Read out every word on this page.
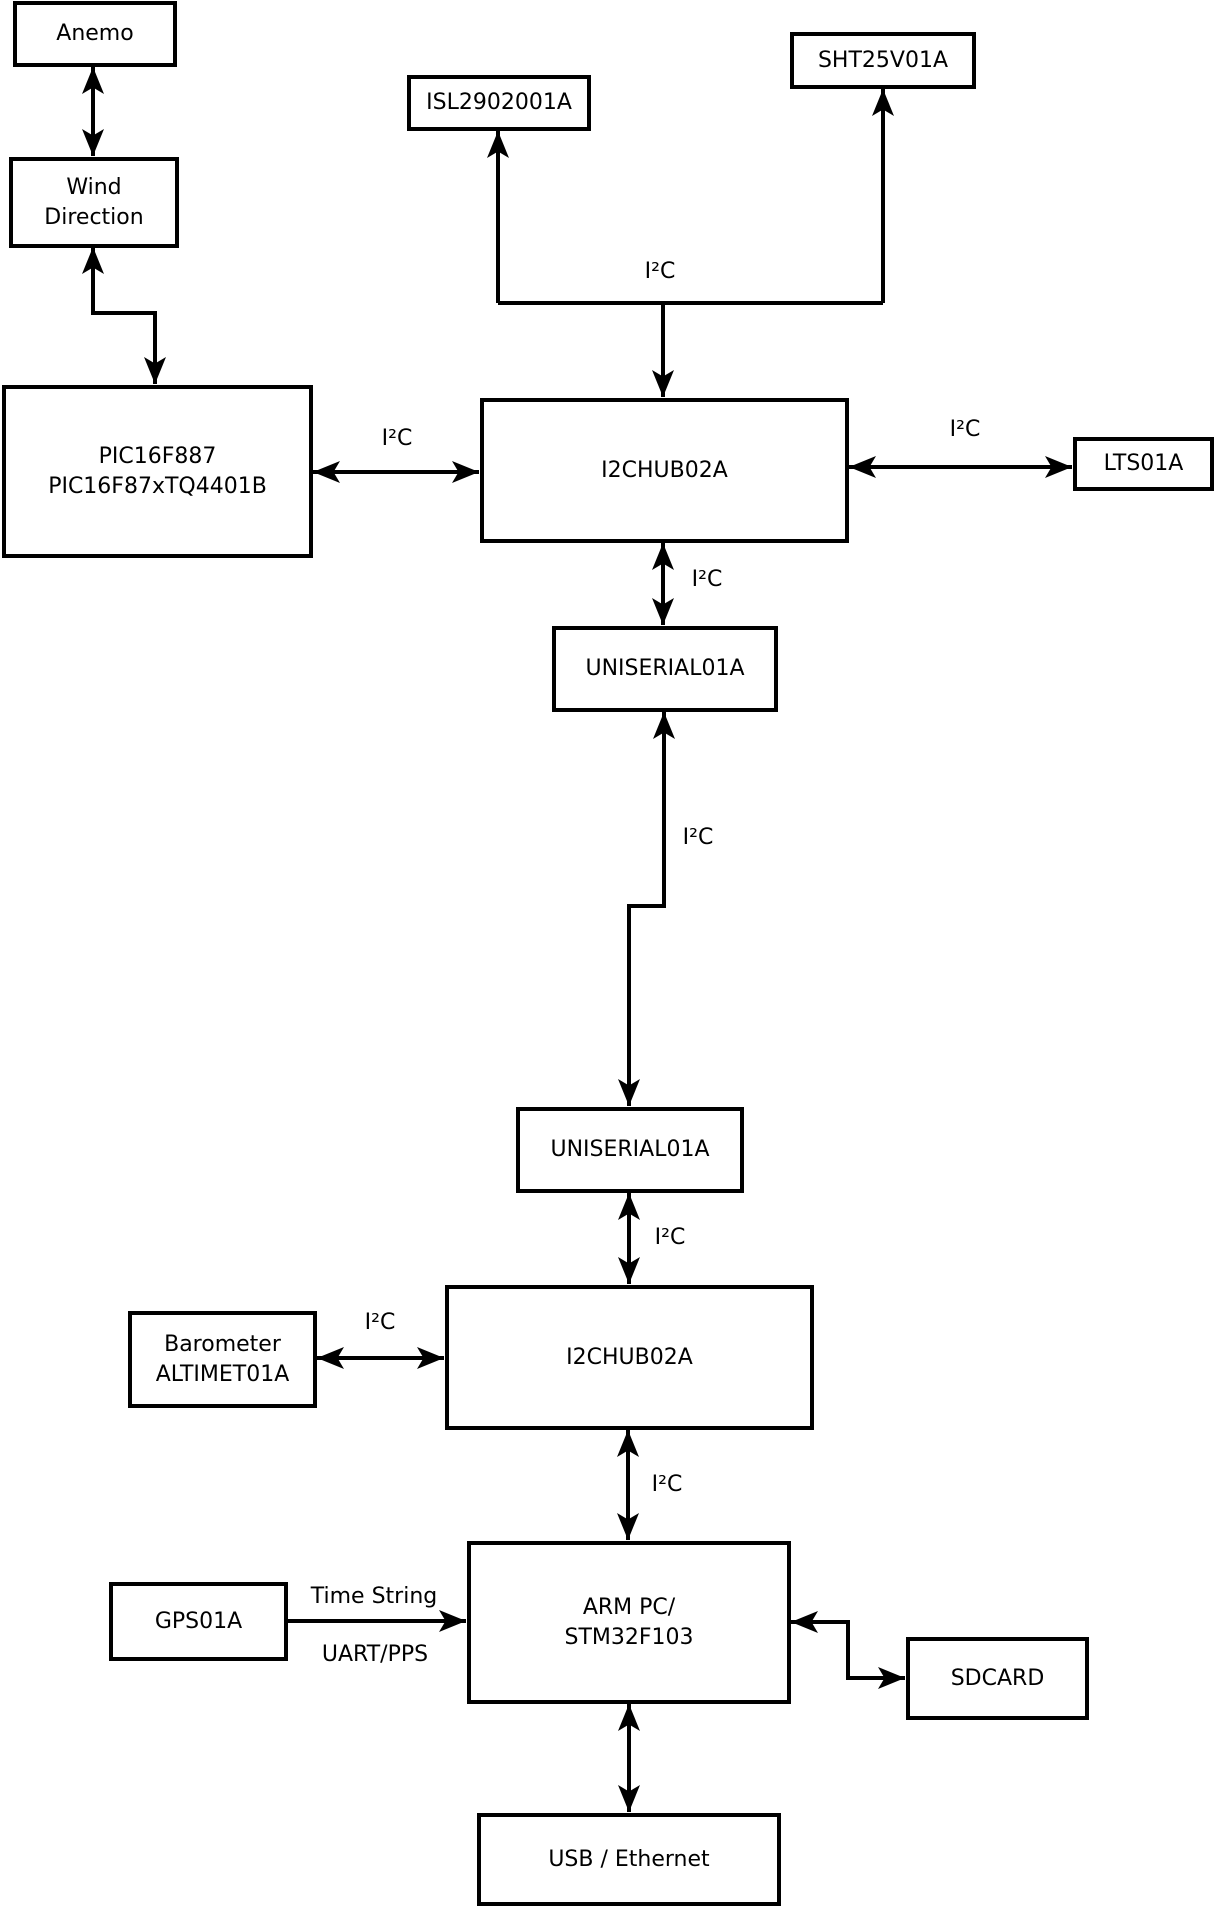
Anemo
Wind
Direction
ISL2902001A
SHT25V01A
PIC16F887
PIC16F87xTQ4401B
I2CHUB02A	LTS01A
UNISERIAL01A
UNISERIAL01A
Barometer
ALTIMET01A
I2CHUB02A
GPS01A
ARM PC/
STM32F103
SDCARD
USB / Ethernet
I²C
I²C	I²C
I²C
I²C
I²C
I²C
I²C
Time String
UART/PPS
